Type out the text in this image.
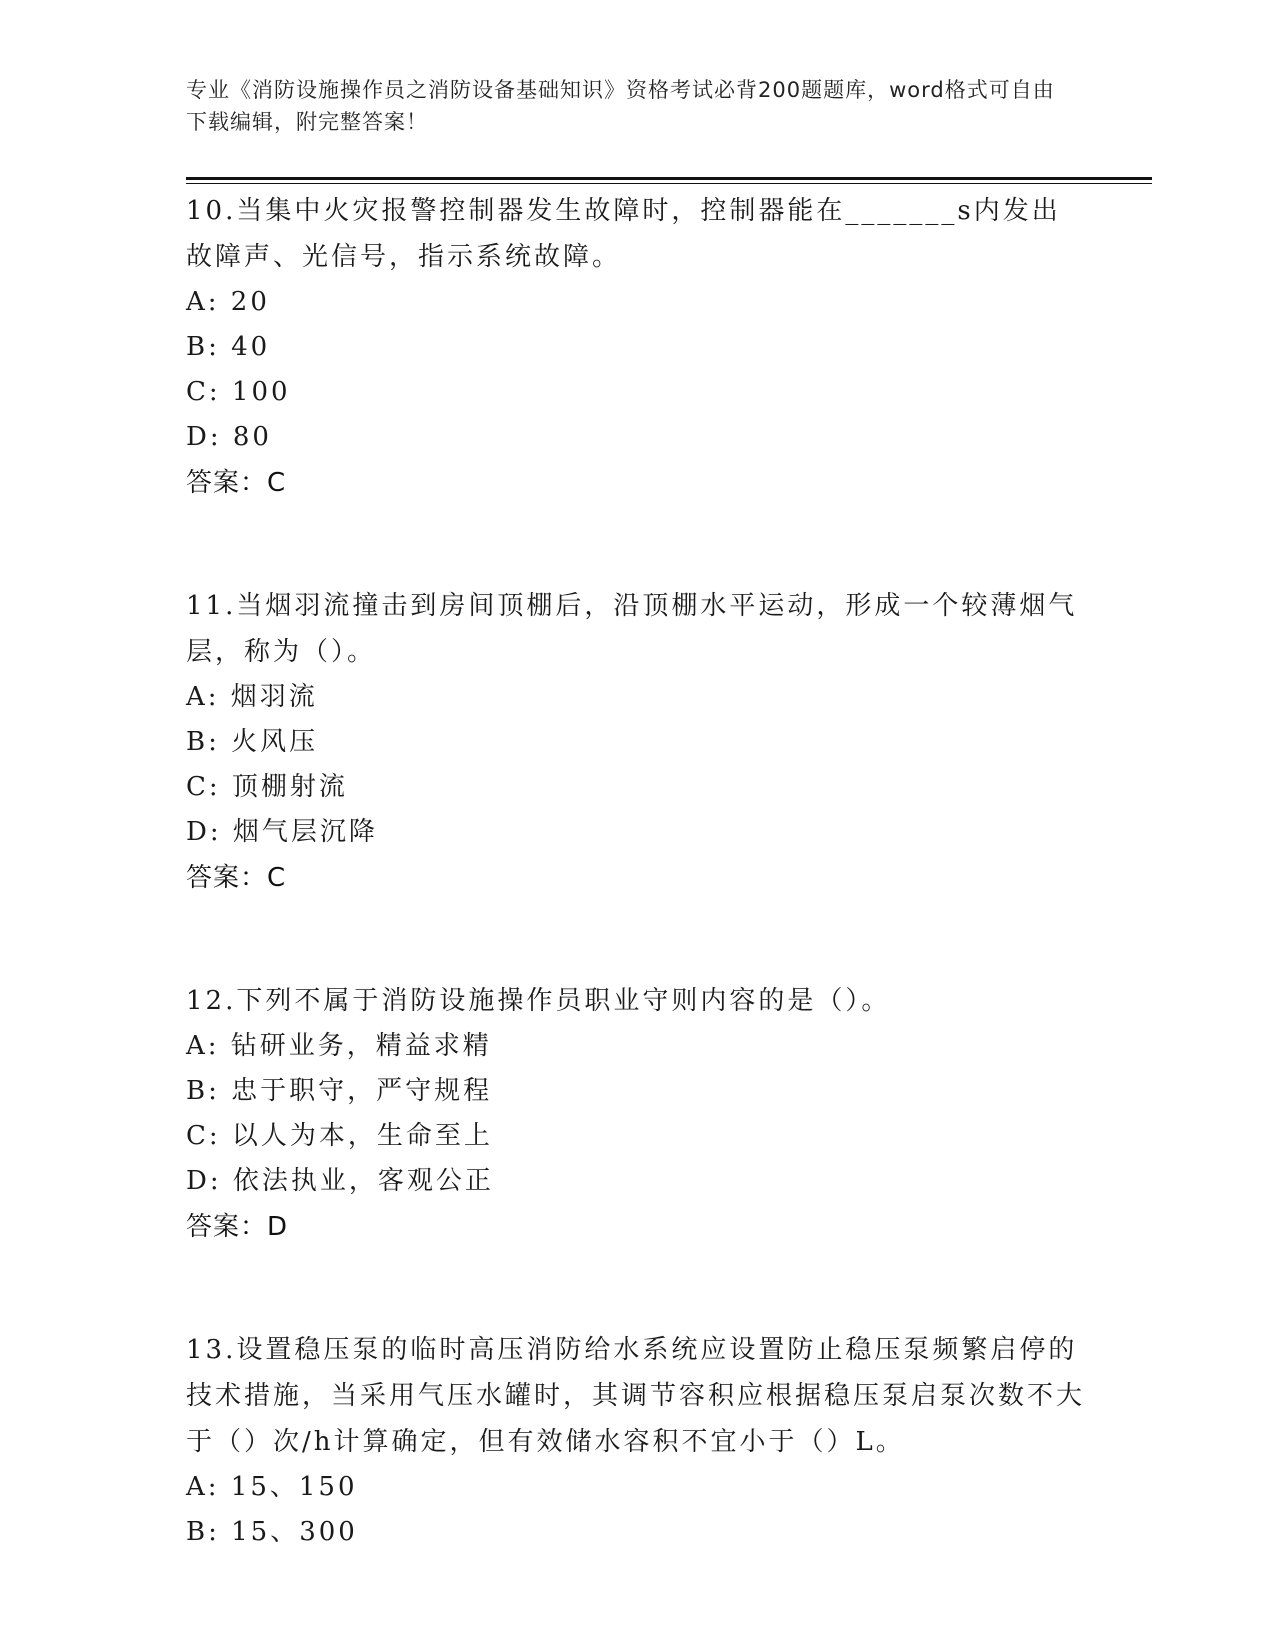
专业《消防设施操作员之消防设备基础知识》资格考试必背200题题库，word格式可自由下载编辑，附完整答案！

10.当集中火灾报警控制器发生故障时，控制器能在_______s内发出故障声、光信号，指示系统故障。

A: 20

B: 40

C: 100

D: 80

答案：C

11.当烟羽流撞击到房间顶棚后，沿顶棚水平运动，形成一个较薄烟气层，称为（）。

A: 烟羽流

B: 火风压

C: 顶棚射流

D: 烟气层沉降

答案：C

12.下列不属于消防设施操作员职业守则内容的是（）。

A: 钻研业务，精益求精

B: 忠于职守，严守规程

C: 以人为本，生命至上

D: 依法执业，客观公正

答案：D

13.设置稳压泵的临时高压消防给水系统应设置防止稳压泵频繁启停的技术措施，当采用气压水罐时，其调节容积应根据稳压泵启泵次数不大于（）次/h计算确定，但有效储水容积不宜小于（）L。

A: 15、150

B: 15、300
